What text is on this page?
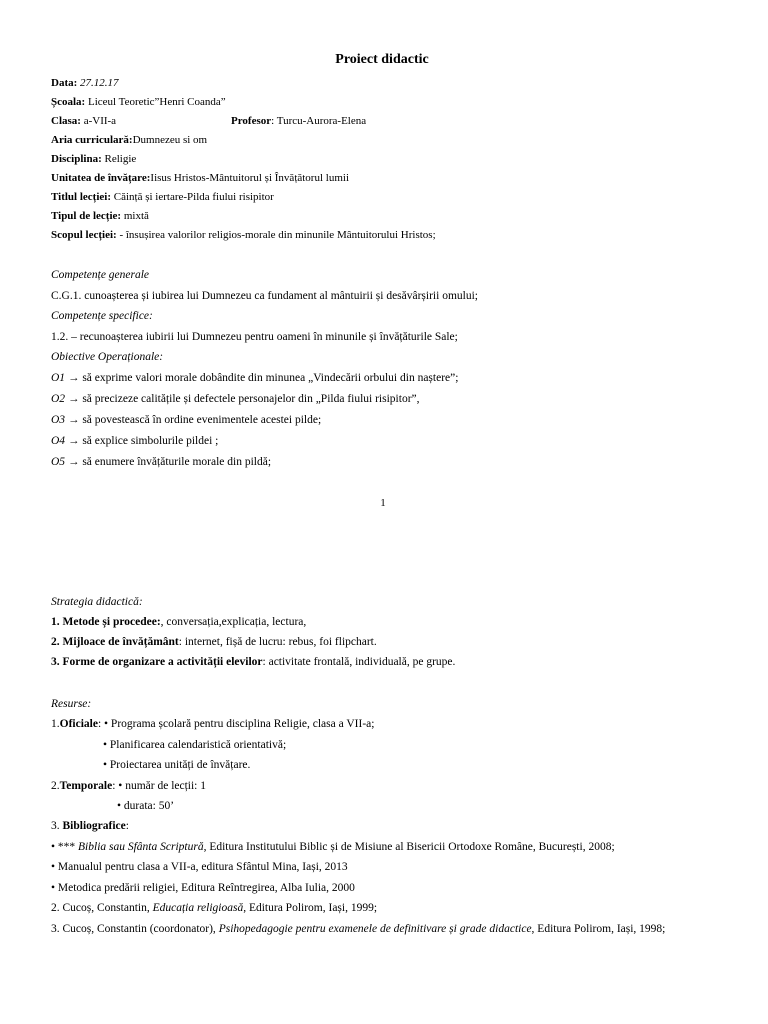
Proiect didactic
Data: 27.12.17
Școala: Liceul Teoretic”Henri Coanda”
Clasa: a-VII-a	Profesor: Turcu-Aurora-Elena
Aria curriculară:Dumnezeu si om
Disciplina: Religie
Unitatea de învățare:Iisus Hristos-Mântuitorul și Învățătorul lumii
Titlul lecției: Căință și iertare-Pilda fiului risipitor
Tipul de lecție: mixtă
Scopul lecției: - însușirea valorilor religios-morale din minunile Mântuitorului Hristos;
Competențe generale
C.G.1. cunoașterea și iubirea lui Dumnezeu ca fundament al mântuirii și desăvârșirii omului;
Competențe specifice:
1.2. – recunoașterea iubirii lui Dumnezeu pentru oameni în minunile și învățăturile Sale;
Obiective Operaționale:
O1 → să exprime valori morale dobândite din minunea „Vindecării orbului din naștere”;
O2 → să precizeze calitățile și defectele personajelor din „Pilda fiului risipitor”,
O3 → să povestească în ordine evenimentele acestei pilde;
O4 → să explice simbolurile pildei ;
O5 → să enumere învățăturile morale din pildă;
1
Strategia didactică:
1. Metode și procedee:, conversația,explicația, lectura,
2. Mijloace de învățământ: internet, fișă de lucru: rebus, foi flipchart.
3. Forme de organizare a activității elevilor: activitate frontală, individuală, pe grupe.
Resurse:
1.Oficiale: • Programa școlară pentru disciplina Religie, clasa a VII-a;
• Planificarea calendaristică orientativă;
• Proiectarea unități de învățare.
2.Temporale: • număr de lecții: 1
• durata: 50’
3. Bibliografice:
• *** Biblia sau Sfânta Scriptură, Editura Institutului Biblic și de Misiune al Bisericii Ortodoxe Române, București, 2008;
• Manualul pentru clasa a VII-a, editura Sfântul Mina, Iași, 2013
• Metodica predării religiei, Editura Reîntregirea, Alba Iulia, 2000
2. Cucoș, Constantin, Educația religioasă, Editura Polirom, Iași, 1999;
3. Cucoș, Constantin (coordonator), Psihopedagogie pentru examenele de definitivare și grade didactice, Editura Polirom, Iași, 1998;
